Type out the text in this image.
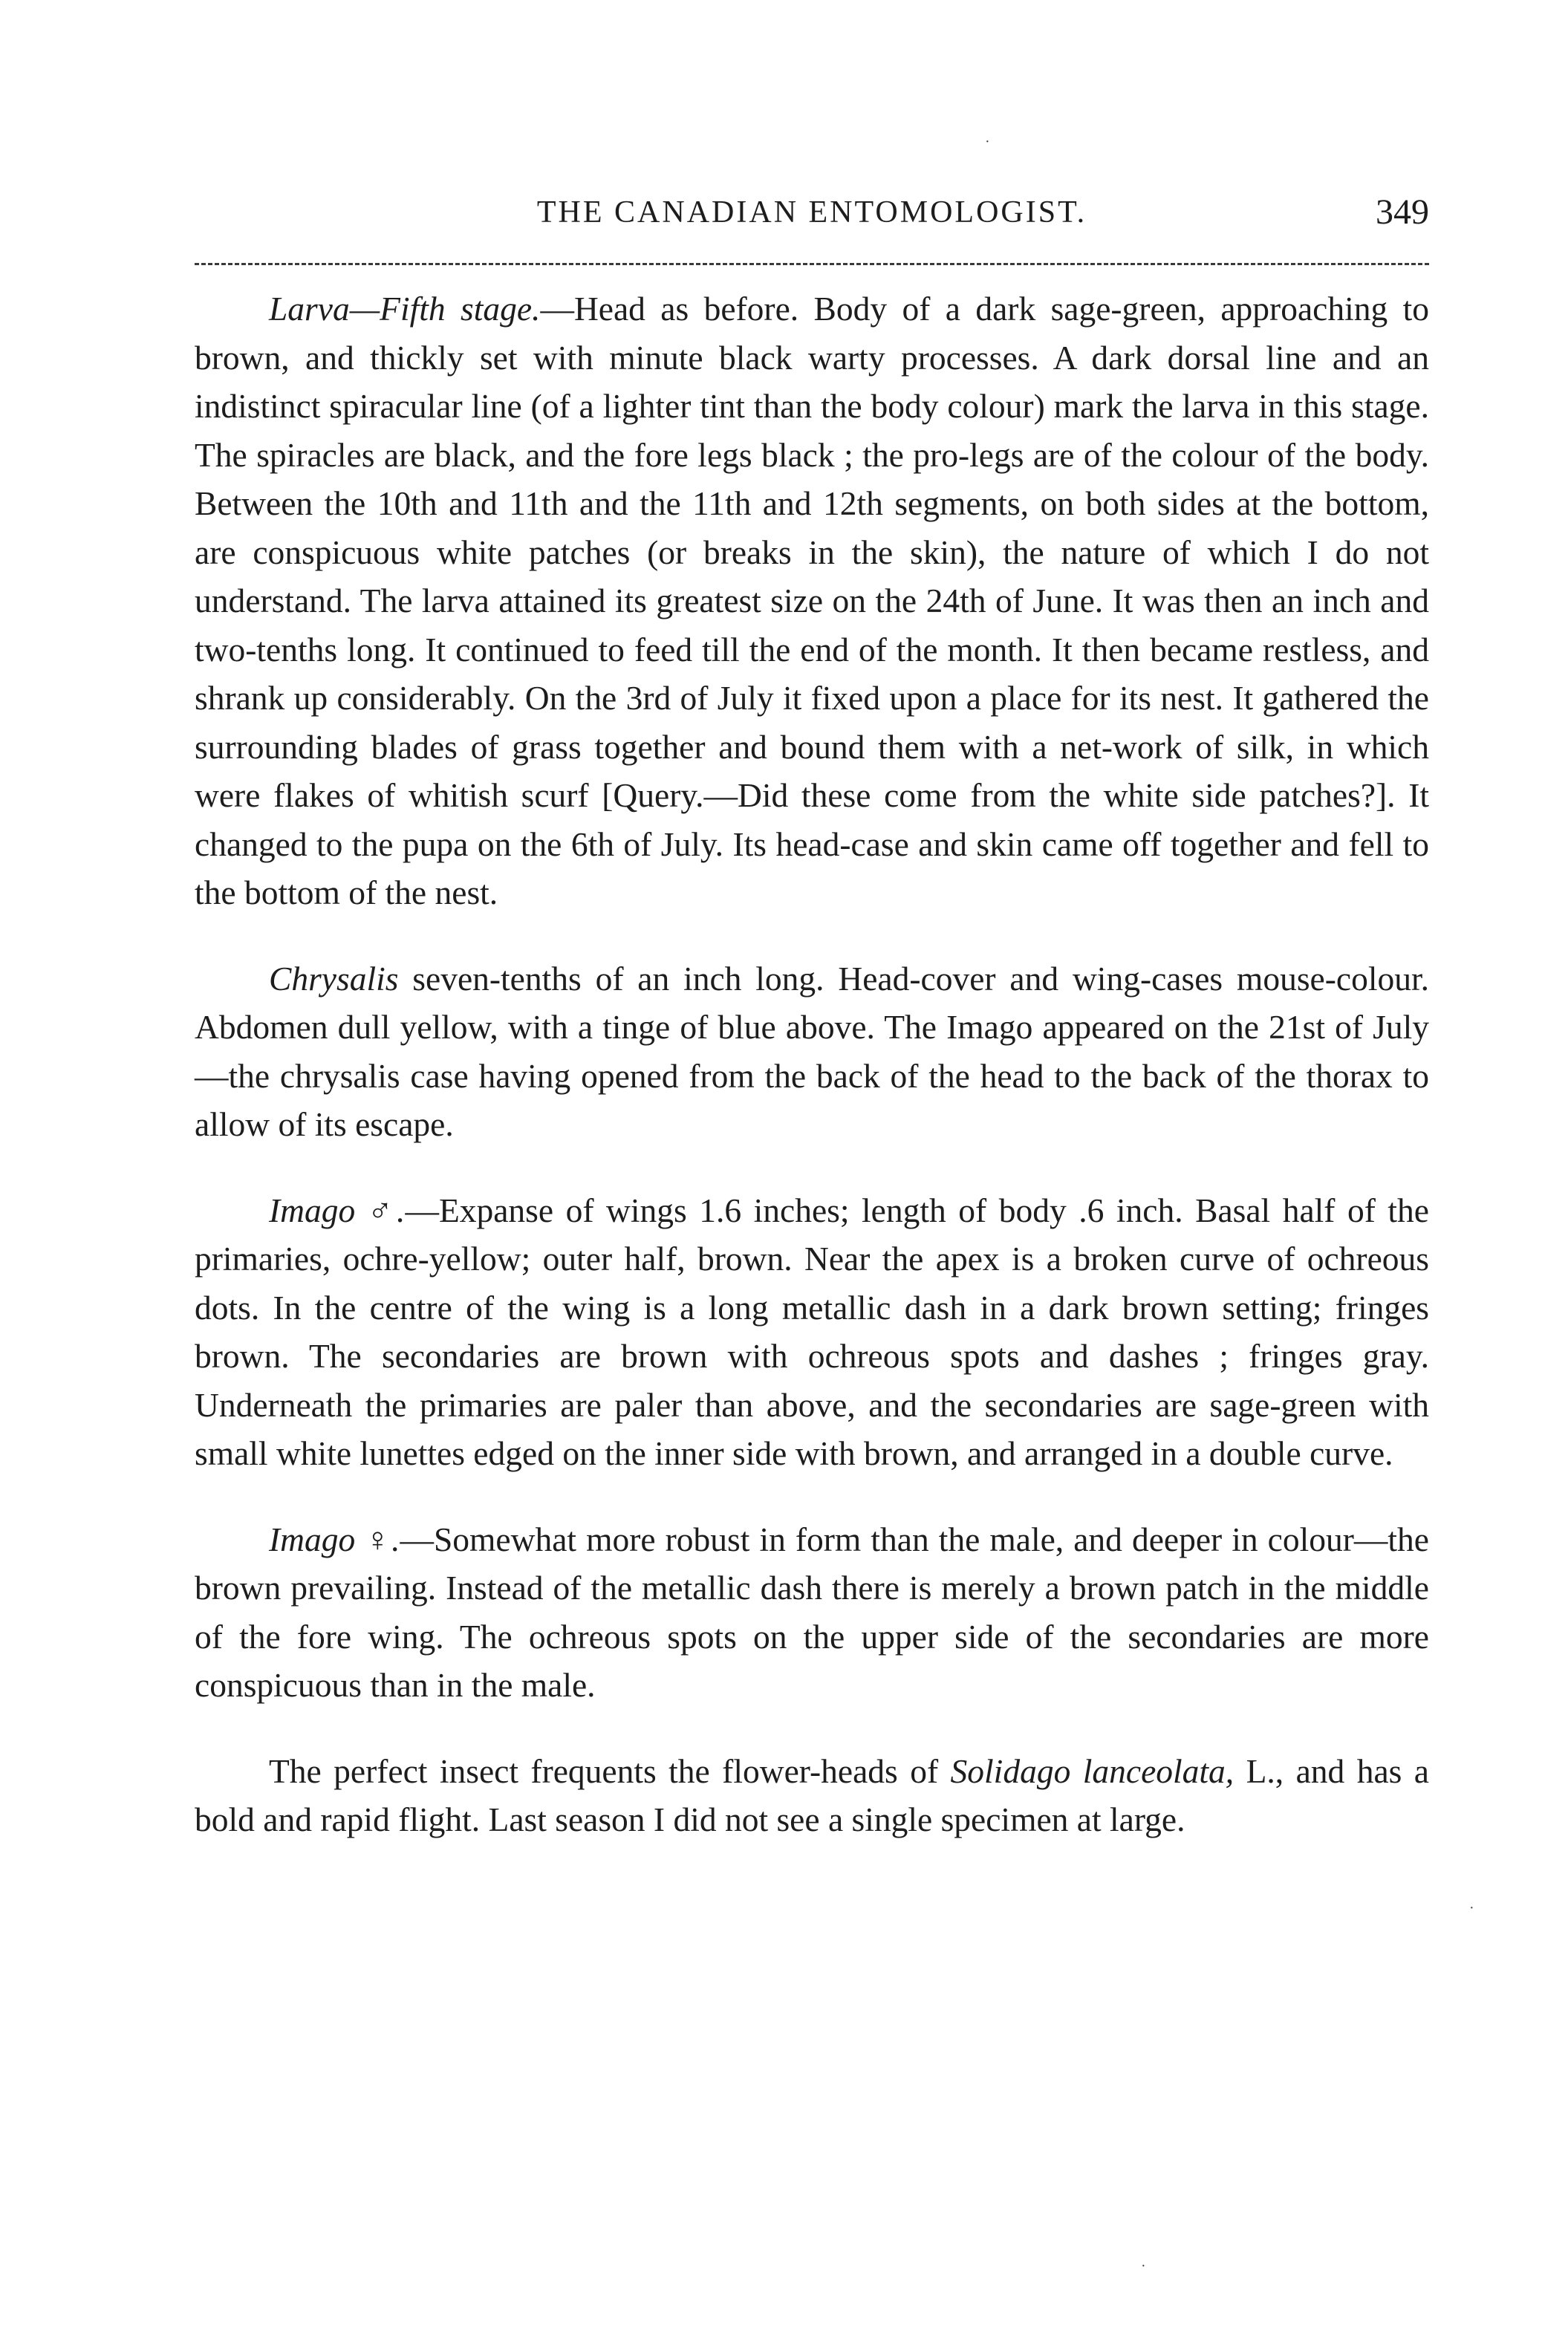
·
·
·
THE CANADIAN ENTOMOLOGIST.	349

Larva—Fifth stage.—Head as before. Body of a dark sage-green, approaching to brown, and thickly set with minute black warty processes. A dark dorsal line and an indistinct spiracular line (of a lighter tint than the body colour) mark the larva in this stage. The spiracles are black, and the fore legs black ; the pro-legs are of the colour of the body. Between the 10th and 11th and the 11th and 12th segments, on both sides at the bottom, are conspicuous white patches (or breaks in the skin), the nature of which I do not understand. The larva attained its greatest size on the 24th of June. It was then an inch and two-tenths long. It continued to feed till the end of the month. It then became restless, and shrank up considerably. On the 3rd of July it fixed upon a place for its nest. It gathered the surrounding blades of grass together and bound them with a net-work of silk, in which were flakes of whitish scurf [Query.—Did these come from the white side patches?]. It changed to the pupa on the 6th of July. Its head-case and skin came off together and fell to the bottom of the nest.

Chrysalis seven-tenths of an inch long. Head-cover and wing-cases mouse-colour. Abdomen dull yellow, with a tinge of blue above. The Imago appeared on the 21st of July—the chrysalis case having opened from the back of the head to the back of the thorax to allow of its escape.

Imago ♂.—Expanse of wings 1.6 inches; length of body .6 inch. Basal half of the primaries, ochre-yellow; outer half, brown. Near the apex is a broken curve of ochreous dots. In the centre of the wing is a long metallic dash in a dark brown setting; fringes brown. The secondaries are brown with ochreous spots and dashes ; fringes gray. Underneath the primaries are paler than above, and the secondaries are sage-green with small white lunettes edged on the inner side with brown, and arranged in a double curve.

Imago ♀.—Somewhat more robust in form than the male, and deeper in colour—the brown prevailing. Instead of the metallic dash there is merely a brown patch in the middle of the fore wing. The ochreous spots on the upper side of the secondaries are more conspicuous than in the male.

The perfect insect frequents the flower-heads of Solidago lanceolata, L., and has a bold and rapid flight. Last season I did not see a single specimen at large.
